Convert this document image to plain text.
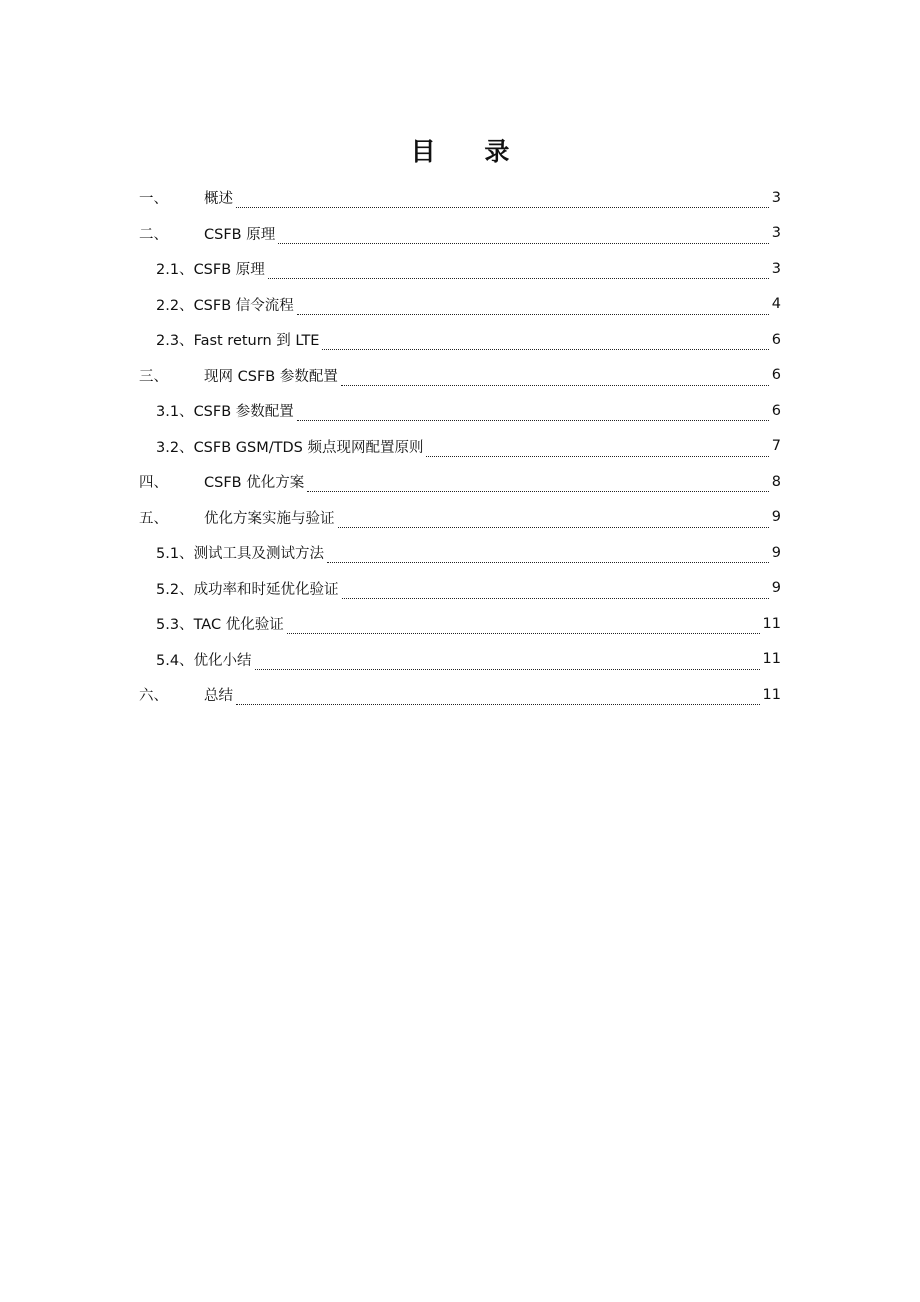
目 录
一、	概述	3
二、	CSFB 原理	3
2.1、 CSFB 原理	3
2.2、 CSFB 信令流程	4
2.3、 Fast return 到 LTE	6
三、	现网 CSFB 参数配置	6
3.1、 CSFB 参数配置	6
3.2、 CSFB GSM/TDS 频点现网配置原则	7
四、	CSFB 优化方案	8
五、	优化方案实施与验证	9
5.1、 测试工具及测试方法	9
5.2、 成功率和时延优化验证	9
5.3、 TAC 优化验证	11
5.4、 优化小结	11
六、	总结	11
